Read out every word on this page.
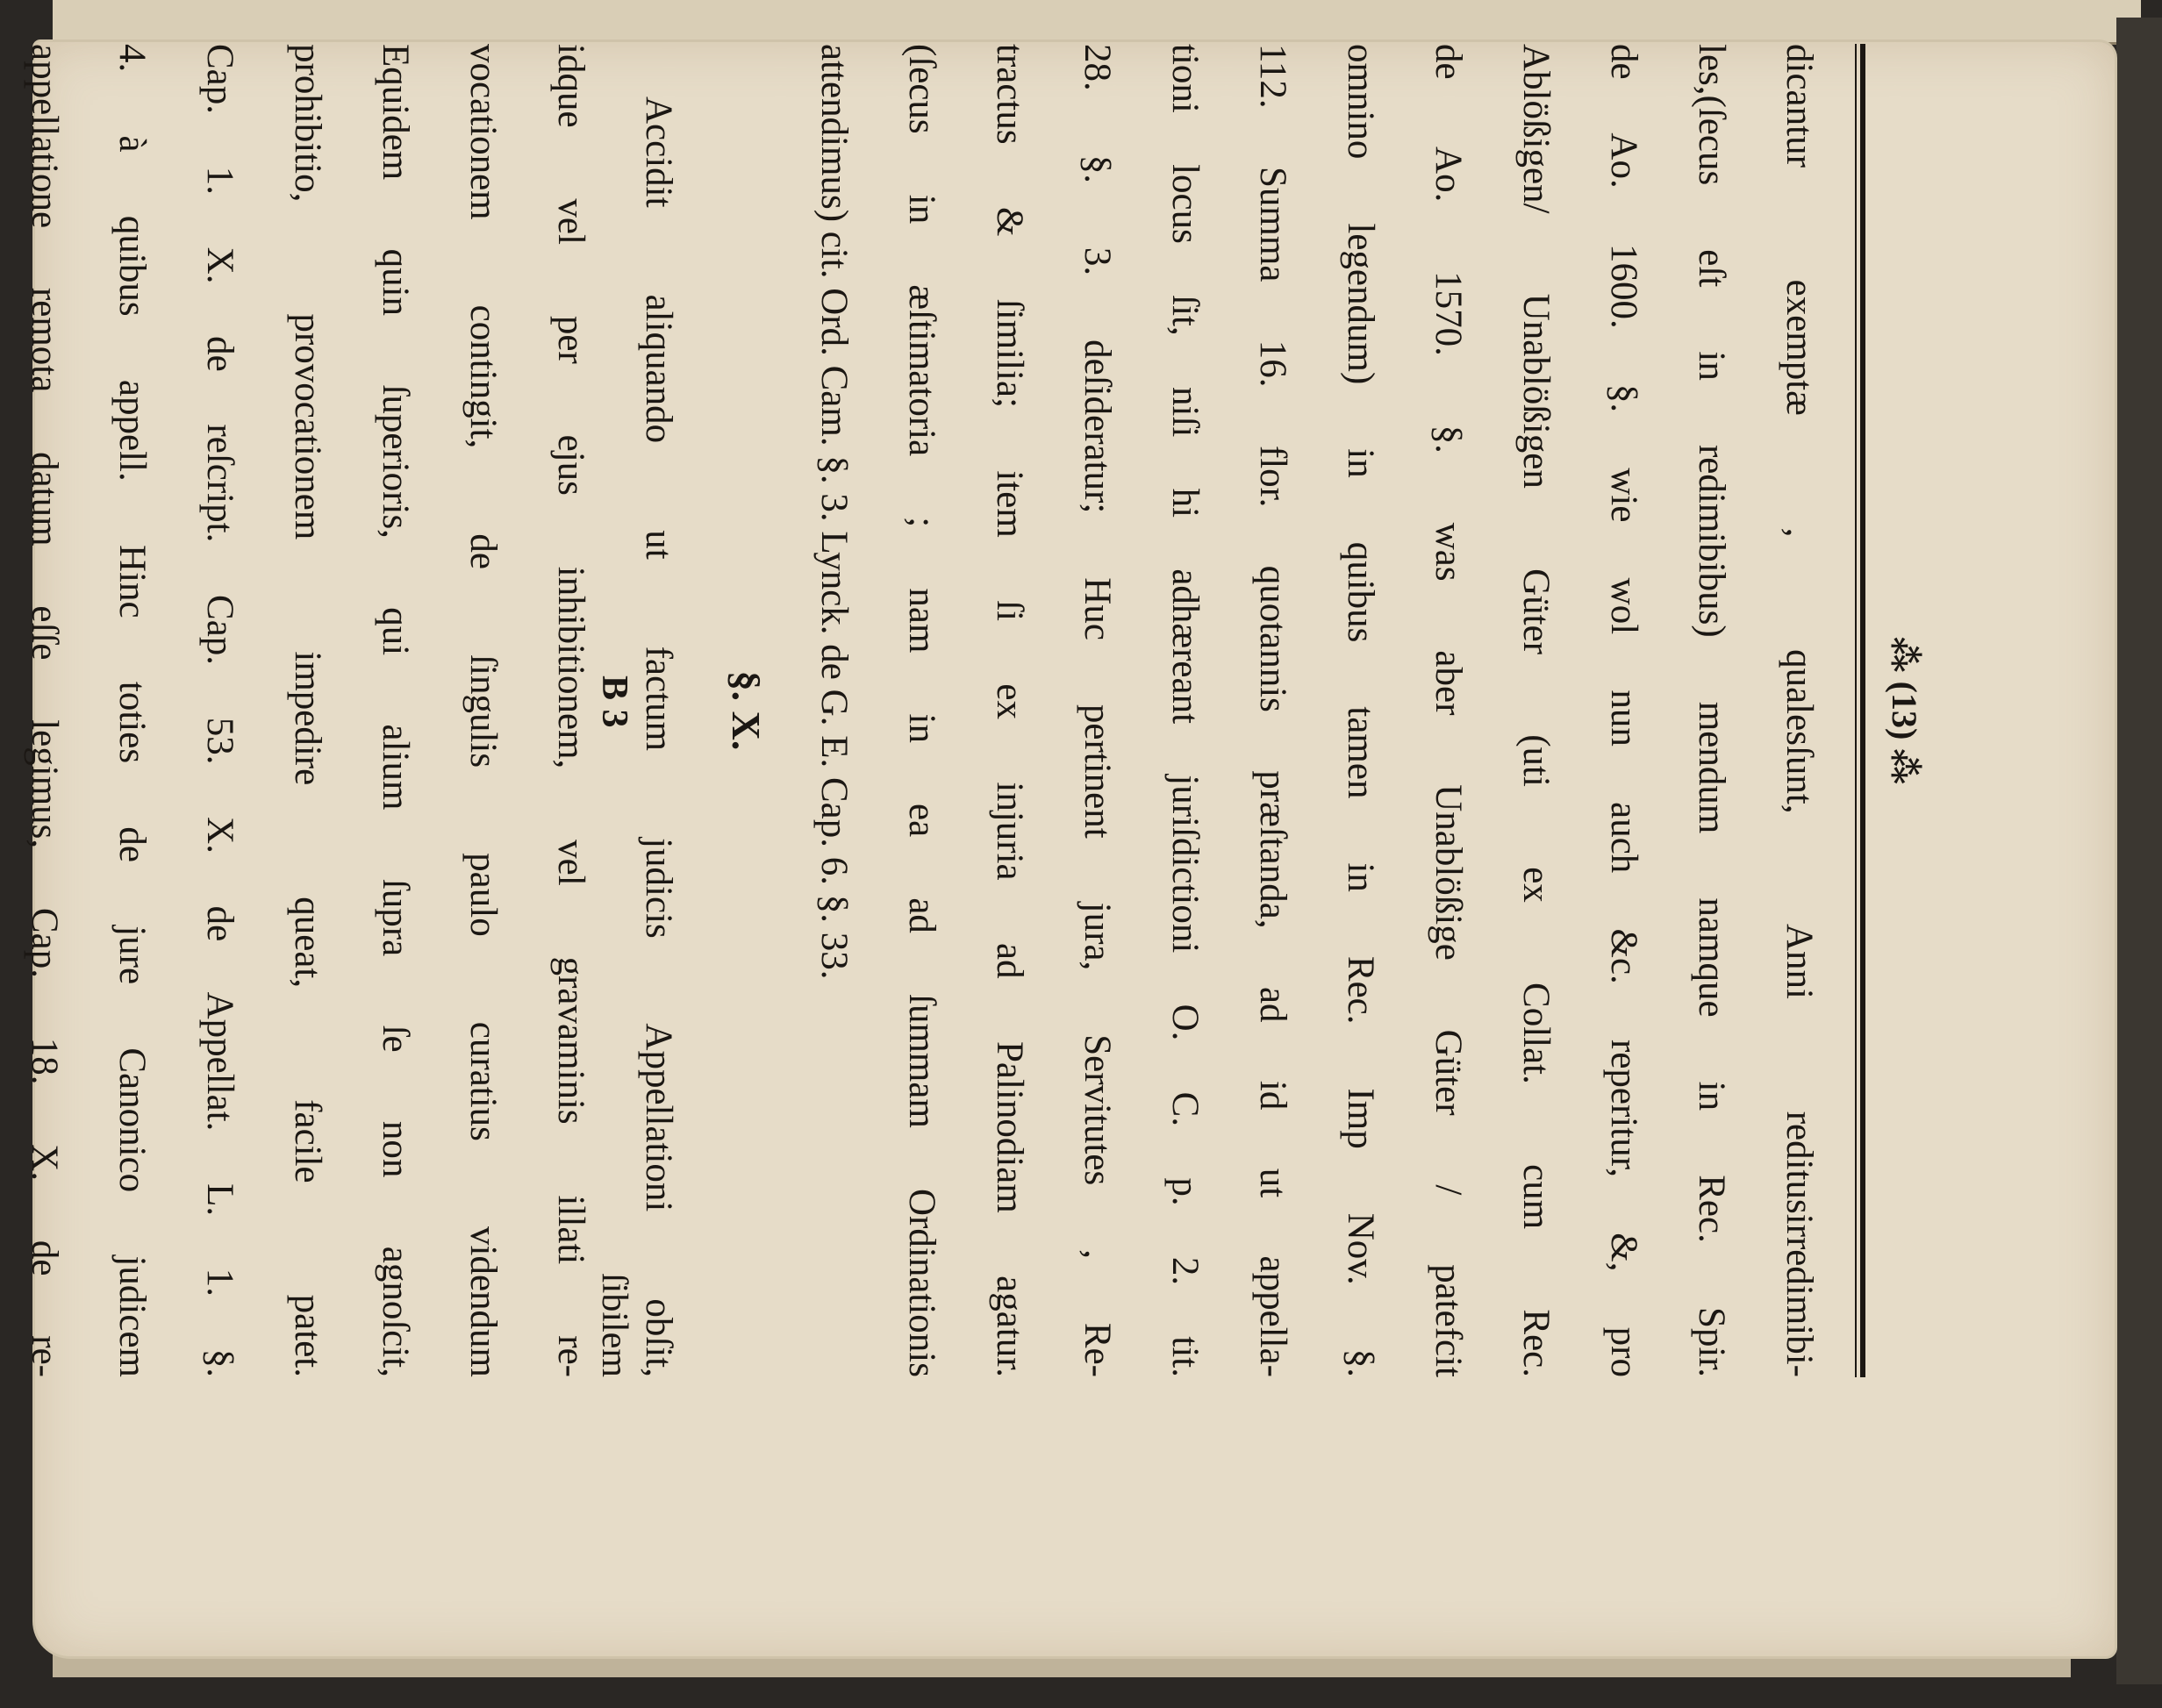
⁂ (13) ⁂
dicantur exemptæ , qualesſunt, Anni reditusirredimibi-
les,(ſecus eſt in redimibibus) mendum namque in Rec. Spir.
de Ao. 1600. §. wie wol nun auch &c. reperitur, &, pro
Ablößigen/ Unablößigen Güter (uti ex Collat. cum Rec.
de Ao. 1570. §. was aber Unablößige Güter / patefcit
omnino legendum) in quibus tamen in Rec. Imp Nov. §.
112. Summa 16. flor. quotannis præſtanda, ad id ut appella-
tioni locus ſit, niſi hi adhæreant juriſdictioni O. C. p. 2. tit.
28. §. 3. deſideratur; Huc pertinent jura, Servitutes , Re-
tractus & ſimilia; item ſi ex injuria ad Palinodiam agatur.
(ſecus in æſtimatoria ; nam in ea ad ſummam Ordinationis
attendimus) cit. Ord. Cam. §. 3. Lynck. de G. E. Cap. 6. §. 33.
§. X.
Accidit aliquando ut factum judicis Appellationi obſit,
idque vel per ejus inhibitionem, vel gravaminis illati re-
vocationem contingit, de ſingulis paulo curatius videndum
Equidem quin ſuperioris, qui alium ſupra ſe non agnoſcit,
prohibitio, provocationem impedire queat, facile patet.
Cap. 1. X. de reſcript. Cap. 53. X. de Appellat. L. 1. §.
4. à quibus appell. Hinc toties de jure Canonico judicem
appellatione remota datum eſſe legimus, Cap. 18. X. de re-	B 3
ſibilem
